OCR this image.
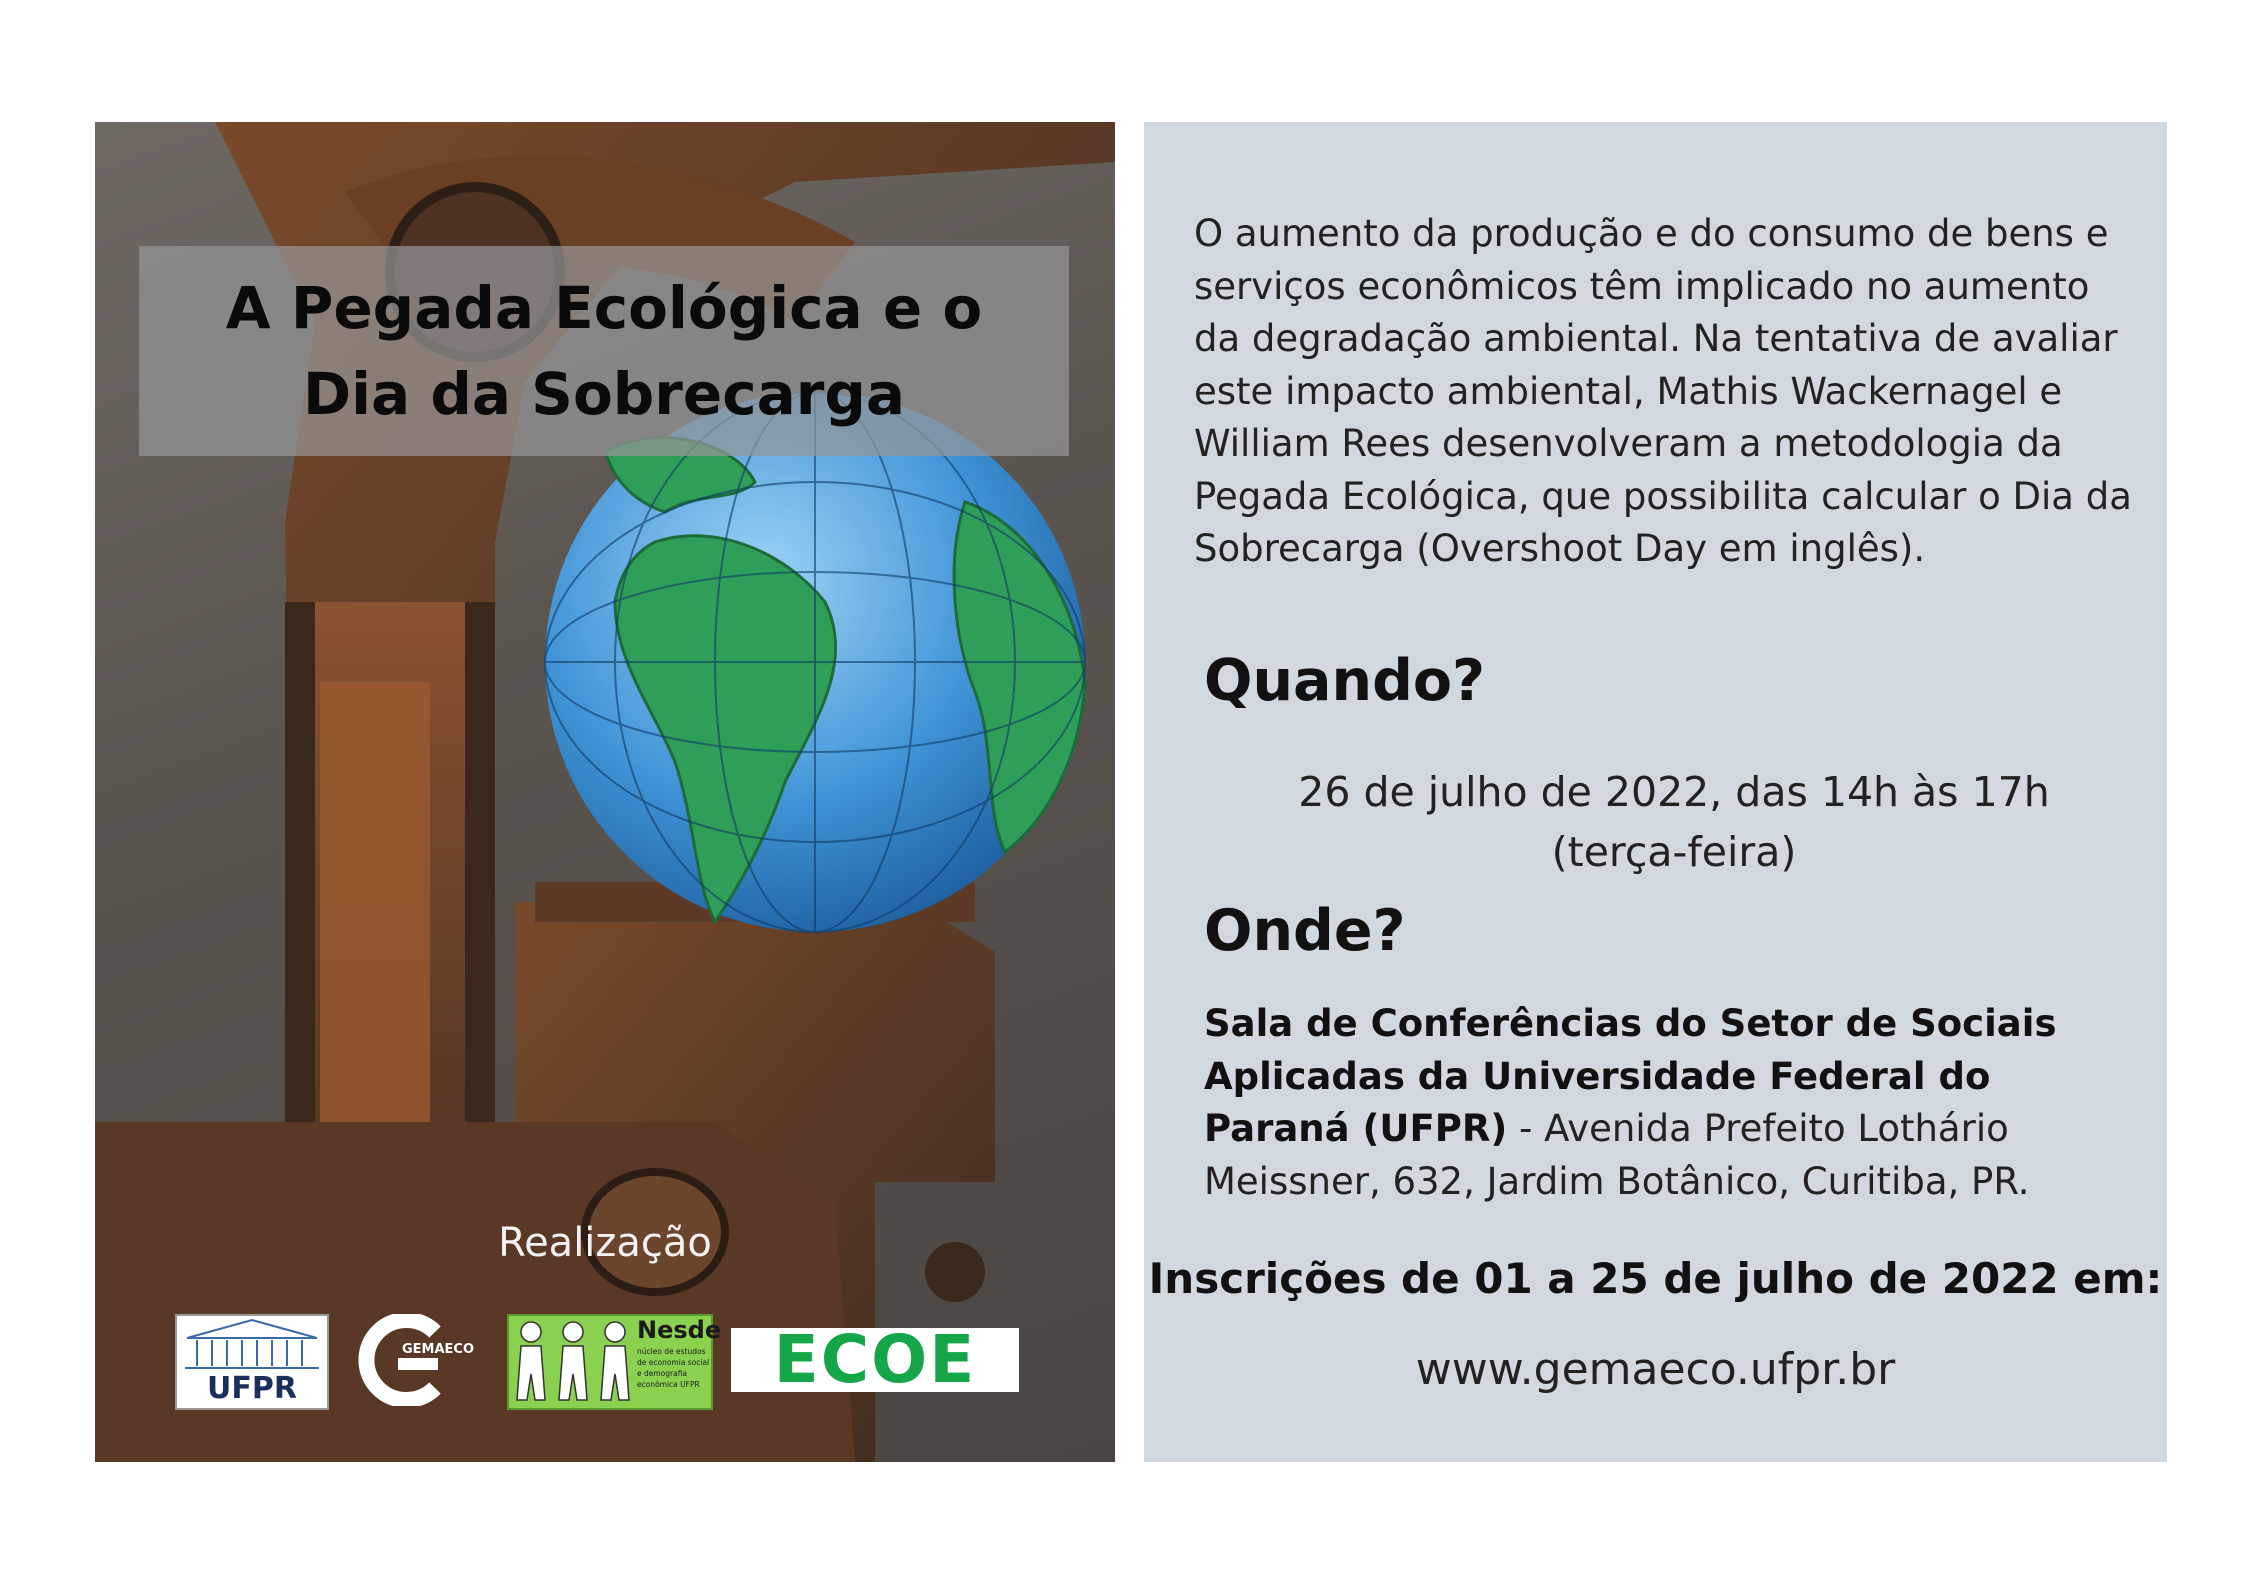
A Pegada Ecológica e o
Dia da Sobrecarga
Realização
UFPR
GEMAECO
Nesde
núcleo de estudos de economia social e demografia econômica UFPR	ECOE
O aumento da produção e do consumo de bens e serviços econômicos têm implicado no aumento da degradação ambiental. Na tentativa de avaliar este impacto ambiental, Mathis Wackernagel e William Rees desenvolveram a metodologia da Pegada Ecológica, que possibilita calcular o Dia da Sobrecarga (Overshoot Day em inglês).
Quando?
26 de julho de 2022, das 14h às 17h
(terça-feira)
Onde?
Sala de Conferências do Setor de Sociais Aplicadas da Universidade Federal do Paraná (UFPR) - Avenida Prefeito Lothário Meissner, 632, Jardim Botânico, Curitiba, PR.
Inscrições de 01 a 25 de julho de 2022 em:
www.gemaeco.ufpr.br
